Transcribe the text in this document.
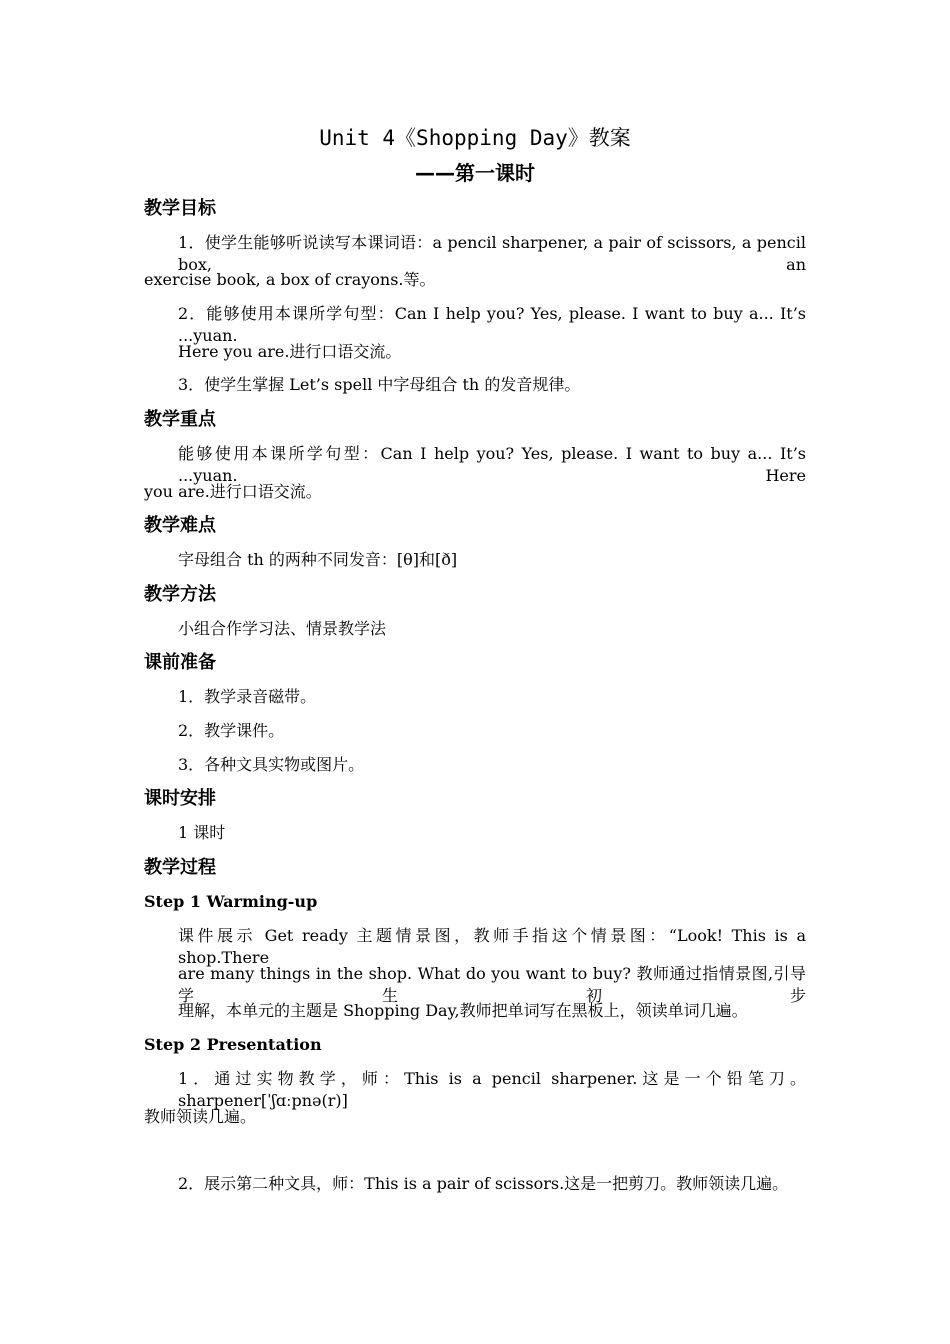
Unit 4《Shopping Day》教案
——第一课时
教学目标
1．使学生能够听说读写本课词语：a pencil sharpener, a pair of scissors, a pencil box, an
exercise book, a box of crayons.等。
2．能够使用本课所学句型：Can I help you? Yes, please. I want to buy a... It’s ...yuan.
Here you are.进行口语交流。
3．使学生掌握 Let’s spell 中字母组合 th 的发音规律。
教学重点
能够使用本课所学句型：Can I help you? Yes, please. I want to buy a... It’s ...yuan. Here
you are.进行口语交流。
教学难点
字母组合 th 的两种不同发音：[θ]和[ð]
教学方法
小组合作学习法、情景教学法
课前准备
1．教学录音磁带。
2．教学课件。
3．各种文具实物或图片。
课时安排
1 课时
教学过程
Step 1 Warming-up
课件展示 Get ready 主题情景图，教师手指这个情景图：“Look! This is a shop.There
are many things in the shop. What do you want to buy? 教师通过指情景图,引导学生初步
理解，本单元的主题是 Shopping Day,教师把单词写在黑板上，领读单词几遍。
Step 2 Presentation
1．通过实物教学，师：This is a pencil sharpener.这是一个铅笔刀。sharpener[ˈʃɑːpnə(r)]
教师领读几遍。
2．展示第二种文具，师：This is a pair of scissors.这是一把剪刀。教师领读几遍。
